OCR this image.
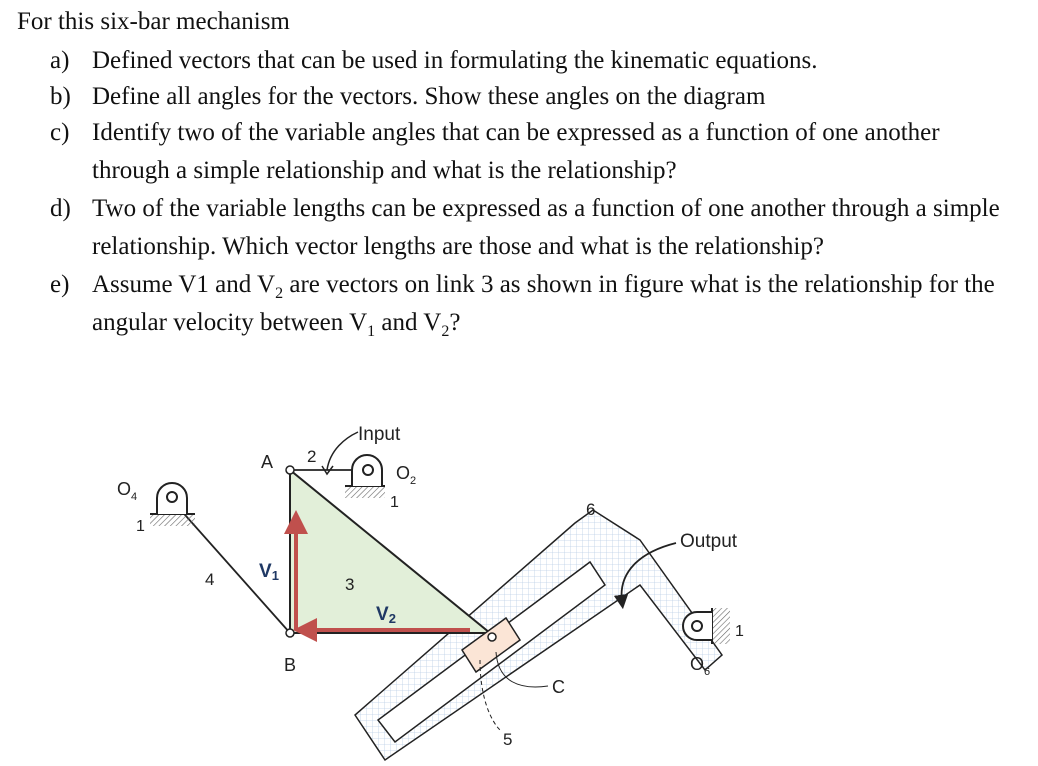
For this six-bar mechanism

a) Defined vectors that can be used in formulating the kinematic equations.
b) Define all angles for the vectors. Show these angles on the diagram
c) Identify two of the variable angles that can be expressed as a function of one another through a simple relationship and what is the relationship?
d) Two of the variable lengths can be expressed as a function of one another through a simple relationship. Which vector lengths are those and what is the relationship?
e) Assume V1 and $V_2$ are vectors on link 3 as shown in figure what is the relationship for the angular velocity between $V_1$ and $V_2$?
Input
$O_2$
1
A 2
$O_4$
1
4 V1	3
V2
B
6
Output
1
$O_6$
C
5
